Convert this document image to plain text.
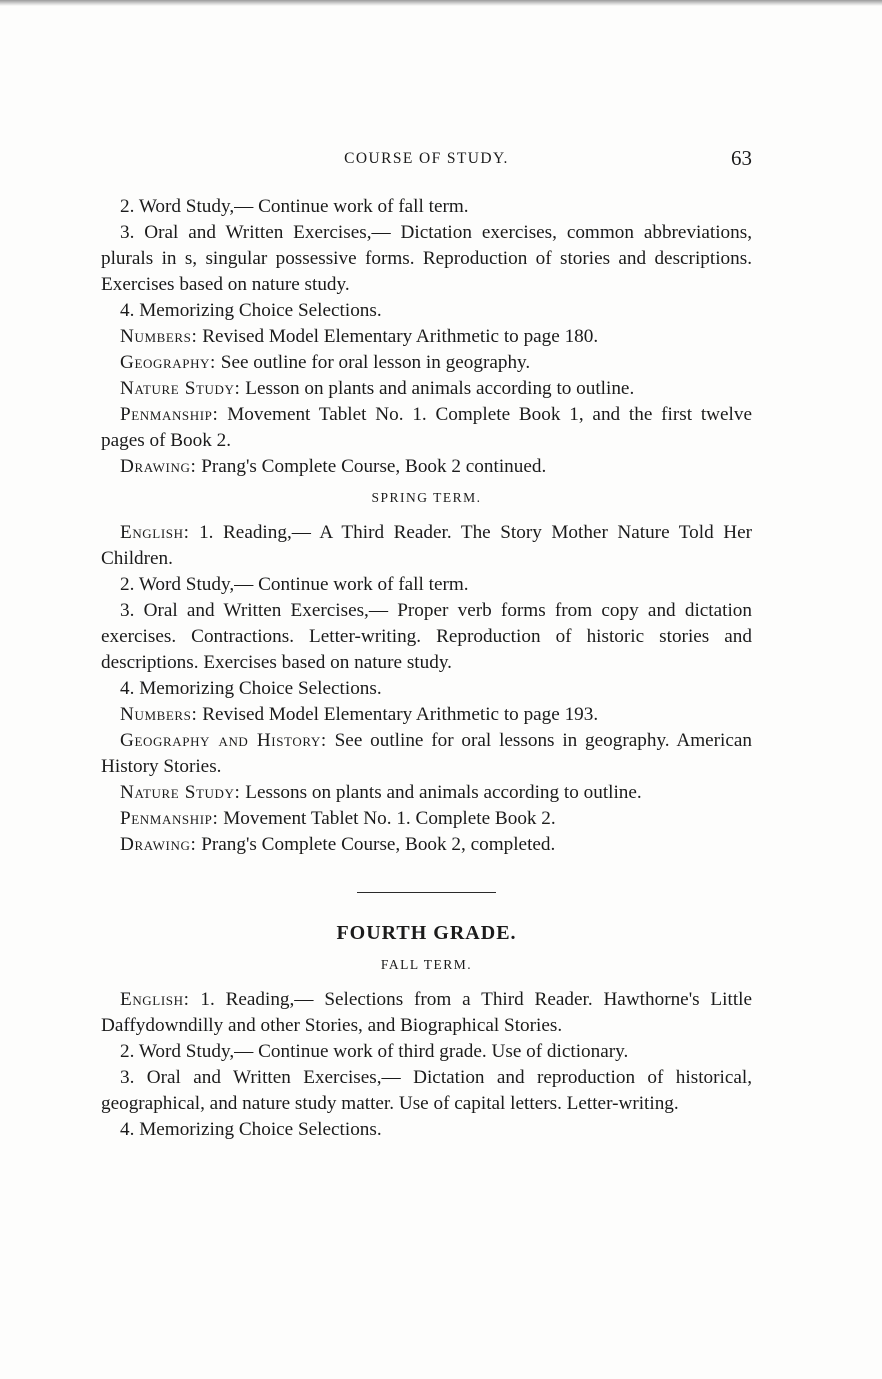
COURSE OF STUDY.	63

2. Word Study,— Continue work of fall term.

3. Oral and Written Exercises,— Dictation exercises, common abbreviations, plurals in s, singular possessive forms. Reproduction of stories and descriptions. Exercises based on nature study.

4. Memorizing Choice Selections.

Numbers: Revised Model Elementary Arithmetic to page 180.

Geography: See outline for oral lesson in geography.

Nature Study: Lesson on plants and animals according to outline.

Penmanship: Movement Tablet No. 1. Complete Book 1, and the first twelve pages of Book 2.

Drawing: Prang's Complete Course, Book 2 continued.

SPRING TERM.

English: 1. Reading,— A Third Reader. The Story Mother Nature Told Her Children.

2. Word Study,— Continue work of fall term.

3. Oral and Written Exercises,— Proper verb forms from copy and dictation exercises. Contractions. Letter-writing. Reproduction of historic stories and descriptions. Exercises based on nature study.

4. Memorizing Choice Selections.

Numbers: Revised Model Elementary Arithmetic to page 193.

Geography and History: See outline for oral lessons in geography. American History Stories.

Nature Study: Lessons on plants and animals according to outline.

Penmanship: Movement Tablet No. 1. Complete Book 2.

Drawing: Prang's Complete Course, Book 2, completed.

FOURTH GRADE.

FALL TERM.

English: 1. Reading,— Selections from a Third Reader. Hawthorne's Little Daffydowndilly and other Stories, and Biographical Stories.

2. Word Study,— Continue work of third grade. Use of dictionary.

3. Oral and Written Exercises,— Dictation and reproduction of historical, geographical, and nature study matter. Use of capital letters. Letter-writing.

4. Memorizing Choice Selections.
